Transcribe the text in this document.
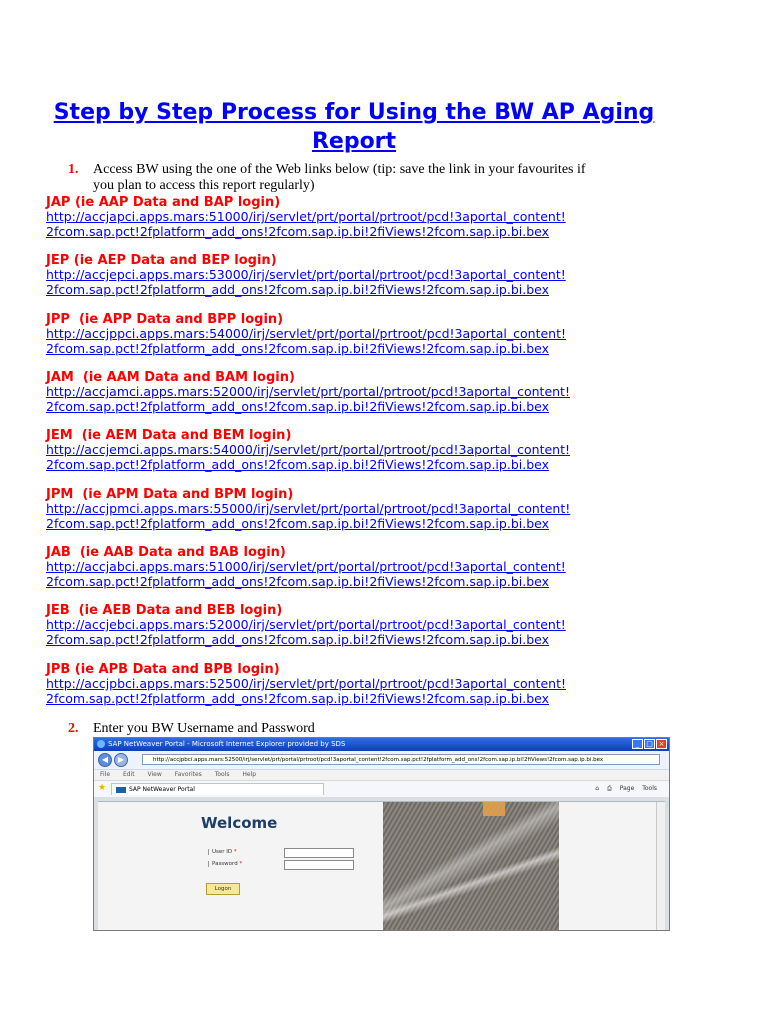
Step by Step Process for Using the BW AP Aging
Report
1. Access BW using the one of the Web links below (tip: save the link in your favourites if
you plan to access this report regularly)
JAP (ie AAP Data and BAP login)
http://accjapci.apps.mars:51000/irj/servlet/prt/portal/prtroot/pcd!3aportal_content!
2fcom.sap.pct!2fplatform_add_ons!2fcom.sap.ip.bi!2fiViews!2fcom.sap.ip.bi.bex
JEP (ie AEP Data and BEP login)
http://accjepci.apps.mars:53000/irj/servlet/prt/portal/prtroot/pcd!3aportal_content!
2fcom.sap.pct!2fplatform_add_ons!2fcom.sap.ip.bi!2fiViews!2fcom.sap.ip.bi.bex
JPP  (ie APP Data and BPP login)
http://accjppci.apps.mars:54000/irj/servlet/prt/portal/prtroot/pcd!3aportal_content!
2fcom.sap.pct!2fplatform_add_ons!2fcom.sap.ip.bi!2fiViews!2fcom.sap.ip.bi.bex
JAM  (ie AAM Data and BAM login)
http://accjamci.apps.mars:52000/irj/servlet/prt/portal/prtroot/pcd!3aportal_content!
2fcom.sap.pct!2fplatform_add_ons!2fcom.sap.ip.bi!2fiViews!2fcom.sap.ip.bi.bex
JEM  (ie AEM Data and BEM login)
http://accjemci.apps.mars:54000/irj/servlet/prt/portal/prtroot/pcd!3aportal_content!
2fcom.sap.pct!2fplatform_add_ons!2fcom.sap.ip.bi!2fiViews!2fcom.sap.ip.bi.bex
JPM  (ie APM Data and BPM login)
http://accjpmci.apps.mars:55000/irj/servlet/prt/portal/prtroot/pcd!3aportal_content!
2fcom.sap.pct!2fplatform_add_ons!2fcom.sap.ip.bi!2fiViews!2fcom.sap.ip.bi.bex
JAB  (ie AAB Data and BAB login)
http://accjabci.apps.mars:51000/irj/servlet/prt/portal/prtroot/pcd!3aportal_content!
2fcom.sap.pct!2fplatform_add_ons!2fcom.sap.ip.bi!2fiViews!2fcom.sap.ip.bi.bex
JEB  (ie AEB Data and BEB login)
http://accjebci.apps.mars:52000/irj/servlet/prt/portal/prtroot/pcd!3aportal_content!
2fcom.sap.pct!2fplatform_add_ons!2fcom.sap.ip.bi!2fiViews!2fcom.sap.ip.bi.bex
JPB (ie APB Data and BPB login)
http://accjpbci.apps.mars:52500/irj/servlet/prt/portal/prtroot/pcd!3aportal_content!
2fcom.sap.pct!2fplatform_add_ons!2fcom.sap.ip.bi!2fiViews!2fcom.sap.ip.bi.bex
2. Enter you BW Username and Password
SAP NetWeaver Portal - Microsoft Internet Explorer provided by SDS	_ □ ×
◀	▶	http://accjpbci.apps.mars:52500/irj/servlet/prt/portal/prtroot/pcd!3aportal_content!2fcom.sap.pct!2fplatform_add_ons!2fcom.sap.ip.bi!2fiViews!2fcom.sap.ip.bi.bex
File Edit View Favorites Tools Help
★	SAP NetWeaver Portal	⌂ ⎙ Page Tools
Welcome
User ID *
Password *
Logon
